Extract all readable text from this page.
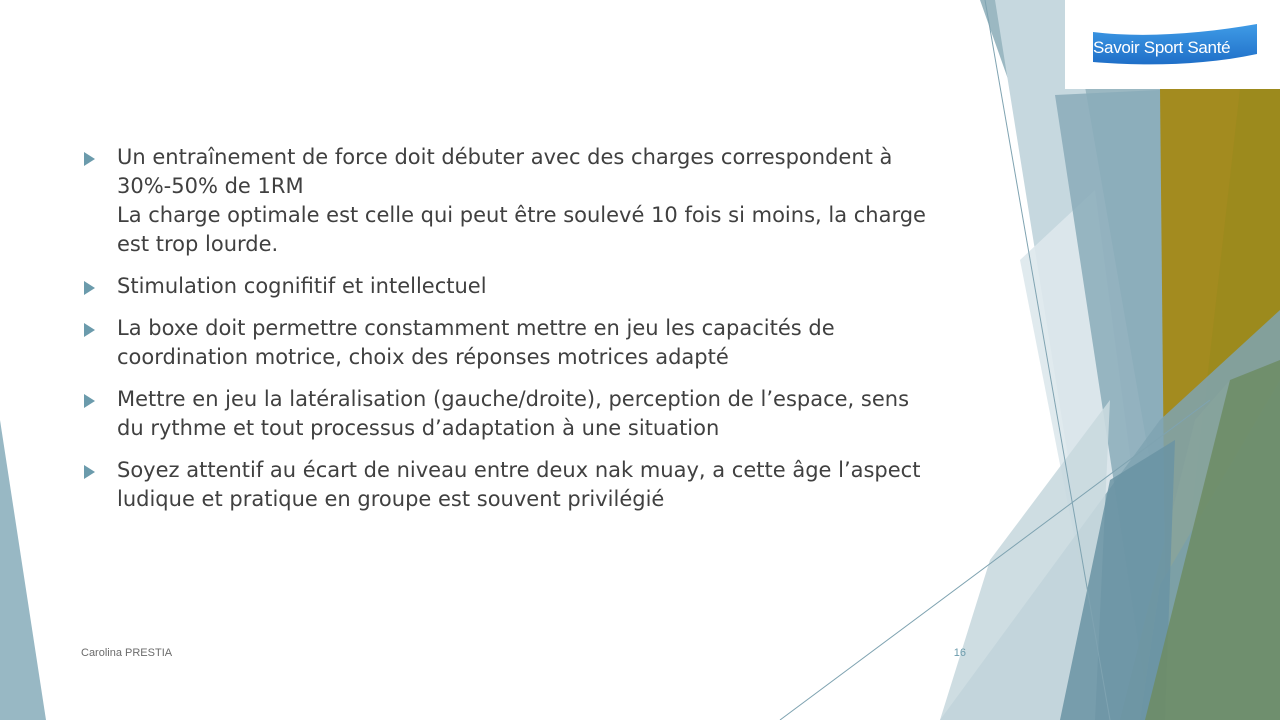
Savoir Sport Santé
Un entraînement de force doit débuter avec des charges correspondent à
30%-50% de 1RM
La charge optimale est celle qui peut être soulevé 10 fois si moins, la charge
est trop lourde.
Stimulation cognifitif et intellectuel
La boxe doit permettre constamment mettre en jeu les capacités de
coordination motrice, choix des réponses motrices adapté
Mettre en jeu la latéralisation (gauche/droite), perception de l’espace, sens
du rythme et tout processus d’adaptation à une situation
Soyez attentif au écart de niveau entre deux nak muay, a cette âge l’aspect
ludique et pratique en groupe est souvent privilégié
Carolina PRESTIA	16
